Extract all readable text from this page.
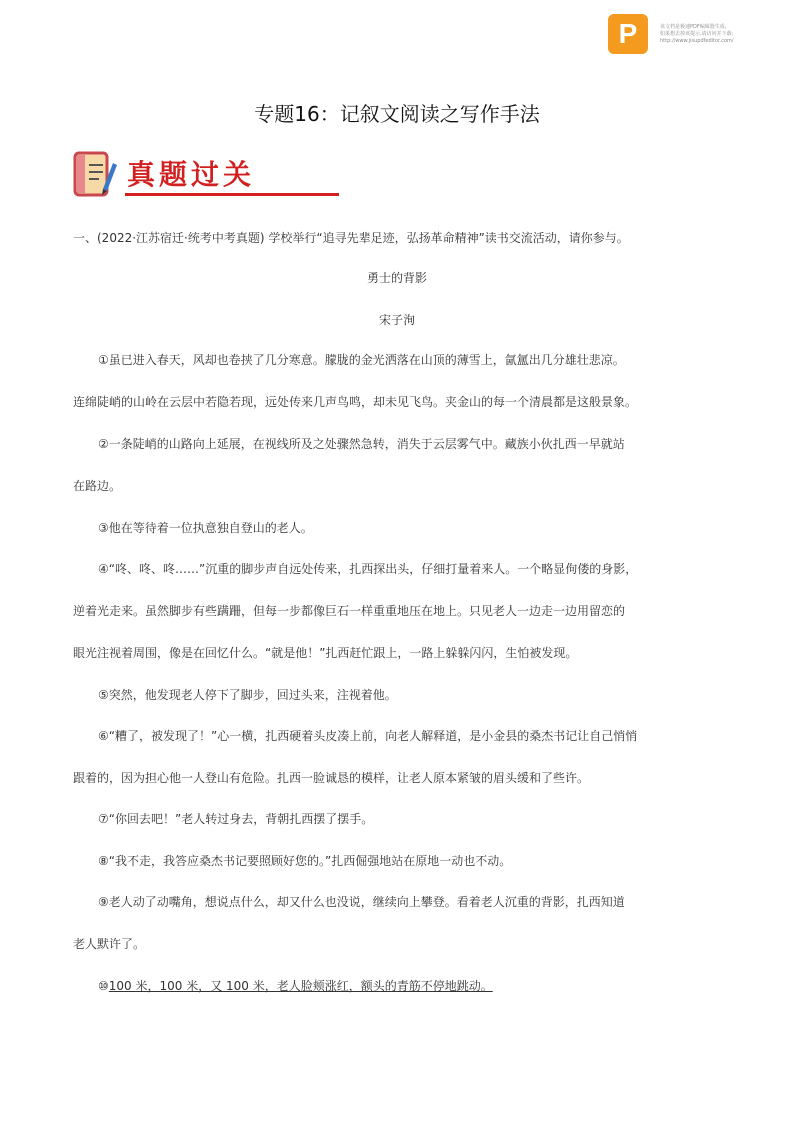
P	该文档是极速PDF编辑器生成,
如果想去掉该提示,请访问并下载:
http://www.jisupdfeditor.com/
专题16：记叙文阅读之写作手法
真题过关
一、(2022·江苏宿迁·统考中考真题) 学校举行“追寻先辈足迹，弘扬革命精神”读书交流活动，请你参与。
勇士的背影
宋子洵
①虽已进入春天，风却也卷挟了几分寒意。朦胧的金光洒落在山顶的薄雪上，氤氲出几分雄壮悲凉。
连绵陡峭的山岭在云层中若隐若现，远处传来几声鸟鸣，却未见飞鸟。夹金山的每一个清晨都是这般景象。
②一条陡峭的山路向上延展，在视线所及之处骤然急转，消失于云层雾气中。藏族小伙扎西一早就站
在路边。
③他在等待着一位执意独自登山的老人。
④“咚、咚、咚……”沉重的脚步声自远处传来，扎西探出头，仔细打量着来人。一个略显佝偻的身影，
逆着光走来。虽然脚步有些蹒跚，但每一步都像巨石一样重重地压在地上。只见老人一边走一边用留恋的
眼光注视着周围，像是在回忆什么。“就是他！”扎西赶忙跟上，一路上躲躲闪闪，生怕被发现。
⑤突然，他发现老人停下了脚步，回过头来，注视着他。
⑥“糟了，被发现了！”心一横，扎西硬着头皮凑上前，向老人解释道，是小金县的桑杰书记让自己悄悄
跟着的，因为担心他一人登山有危险。扎西一脸诚恳的模样，让老人原本紧皱的眉头缓和了些许。
⑦“你回去吧！”老人转过身去，背朝扎西摆了摆手。
⑧“我不走，我答应桑杰书记要照顾好您的。”扎西倔强地站在原地一动也不动。
⑨老人动了动嘴角，想说点什么，却又什么也没说，继续向上攀登。看着老人沉重的背影，扎西知道
老人默许了。
⑩100 米，100 米，又 100 米，老人脸颊涨红，额头的青筋不停地跳动。
